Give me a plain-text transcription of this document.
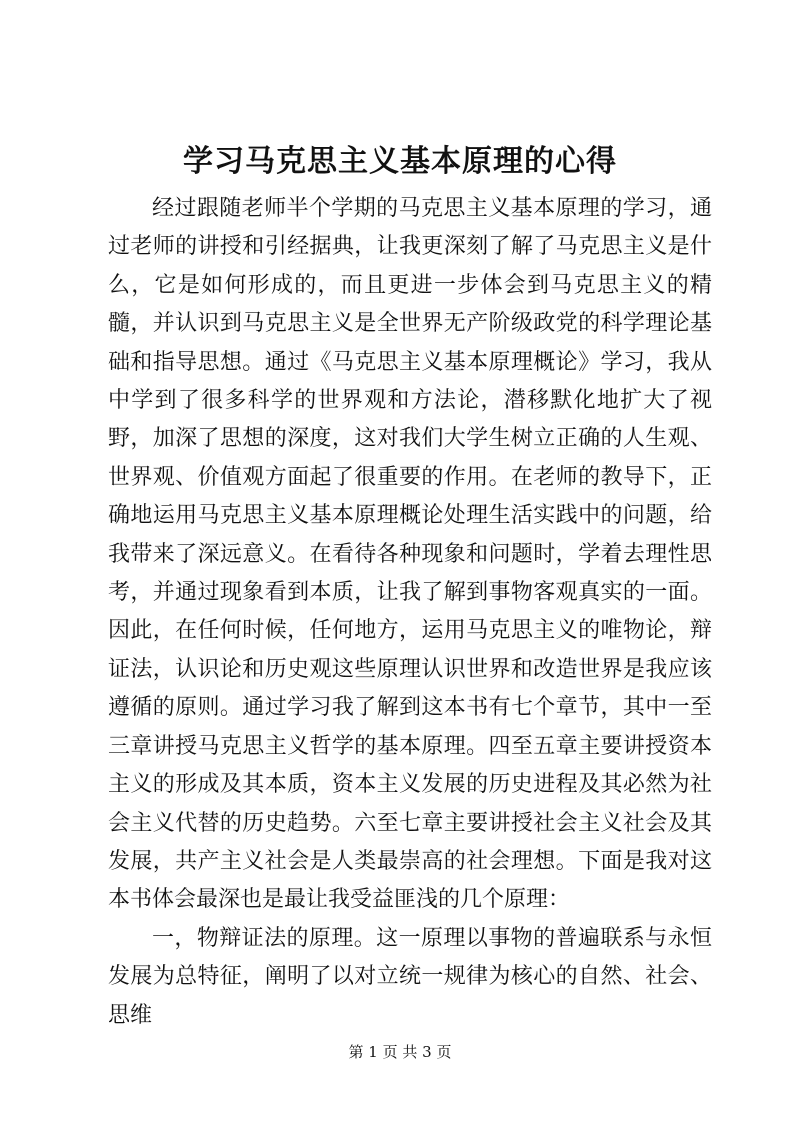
学习马克思主义基本原理的心得

经过跟随老师半个学期的马克思主义基本原理的学习，通过老师的讲授和引经据典，让我更深刻了解了马克思主义是什么，它是如何形成的，而且更进一步体会到马克思主义的精髓，并认识到马克思主义是全世界无产阶级政党的科学理论基础和指导思想。通过《马克思主义基本原理概论》学习，我从中学到了很多科学的世界观和方法论，潜移默化地扩大了视野，加深了思想的深度，这对我们大学生树立正确的人生观、世界观、价值观方面起了很重要的作用。在老师的教导下，正确地运用马克思主义基本原理概论处理生活实践中的问题，给我带来了深远意义。在看待各种现象和问题时，学着去理性思考，并通过现象看到本质，让我了解到事物客观真实的一面。因此，在任何时候，任何地方，运用马克思主义的唯物论，辩证法，认识论和历史观这些原理认识世界和改造世界是我应该遵循的原则。通过学习我了解到这本书有七个章节，其中一至三章讲授马克思主义哲学的基本原理。四至五章主要讲授资本主义的形成及其本质，资本主义发展的历史进程及其必然为社会主义代替的历史趋势。六至七章主要讲授社会主义社会及其发展，共产主义社会是人类最崇高的社会理想。下面是我对这本书体会最深也是最让我受益匪浅的几个原理：

一，物辩证法的原理。这一原理以事物的普遍联系与永恒发展为总特征，阐明了以对立统一规律为核心的自然、社会、思维

第 1 页 共 3 页
